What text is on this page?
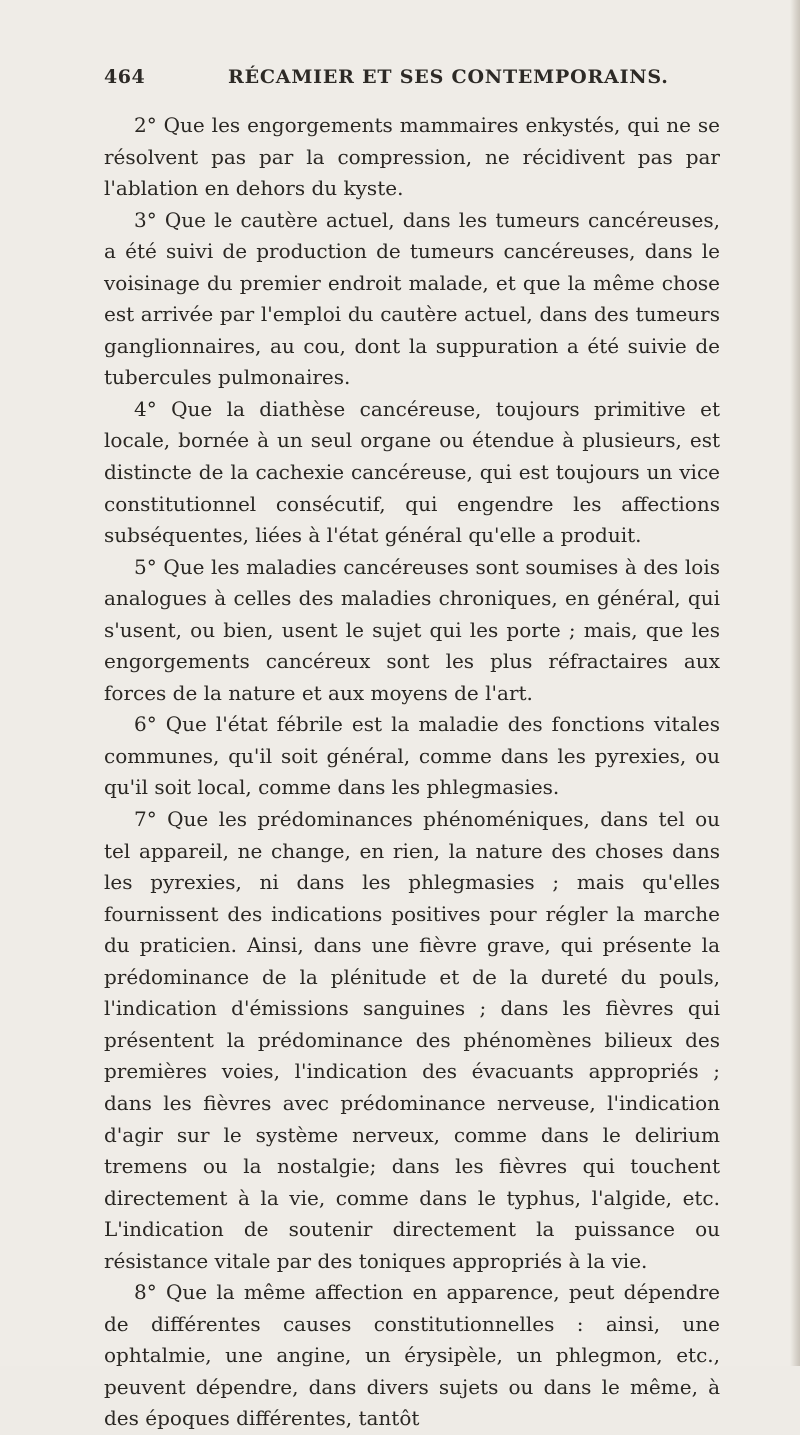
464	RÉCAMIER ET SES CONTEMPORAINS.

2° Que les engorgements mammaires enkystés, qui ne se résolvent pas par la compression, ne récidivent pas par l'ablation en dehors du kyste.

3° Que le cautère actuel, dans les tumeurs cancéreuses, a été suivi de production de tumeurs cancéreuses, dans le voisinage du premier endroit malade, et que la même chose est arrivée par l'emploi du cautère actuel, dans des tumeurs ganglionnaires, au cou, dont la suppuration a été suivie de tubercules pulmonaires.

4° Que la diathèse cancéreuse, toujours primitive et locale, bornée à un seul organe ou étendue à plusieurs, est distincte de la cachexie cancéreuse, qui est toujours un vice constitutionnel consécutif, qui engendre les affections subséquentes, liées à l'état général qu'elle a produit.

5° Que les maladies cancéreuses sont soumises à des lois analogues à celles des maladies chroniques, en général, qui s'usent, ou bien, usent le sujet qui les porte ; mais, que les engorgements cancéreux sont les plus réfractaires aux forces de la nature et aux moyens de l'art.

6° Que l'état fébrile est la maladie des fonctions vitales communes, qu'il soit général, comme dans les pyrexies, ou qu'il soit local, comme dans les phlegmasies.

7° Que les prédominances phénoméniques, dans tel ou tel appareil, ne change, en rien, la nature des choses dans les pyrexies, ni dans les phlegmasies ; mais qu'elles fournissent des indications positives pour régler la marche du praticien. Ainsi, dans une fièvre grave, qui présente la prédominance de la plénitude et de la dureté du pouls, l'indication d'émissions sanguines ; dans les fièvres qui présentent la prédominance des phénomènes bilieux des premières voies, l'indication des évacuants appropriés ; dans les fièvres avec prédominance nerveuse, l'indication d'agir sur le système nerveux, comme dans le delirium tremens ou la nostalgie; dans les fièvres qui touchent directement à la vie, comme dans le typhus, l'algide, etc. L'indication de soutenir directement la puissance ou résistance vitale par des toniques appropriés à la vie.

8° Que la même affection en apparence, peut dépendre de différentes causes constitutionnelles : ainsi, une ophtalmie, une angine, un érysipèle, un phlegmon, etc., peuvent dépendre, dans divers sujets ou dans le même, à des époques différentes, tantôt
